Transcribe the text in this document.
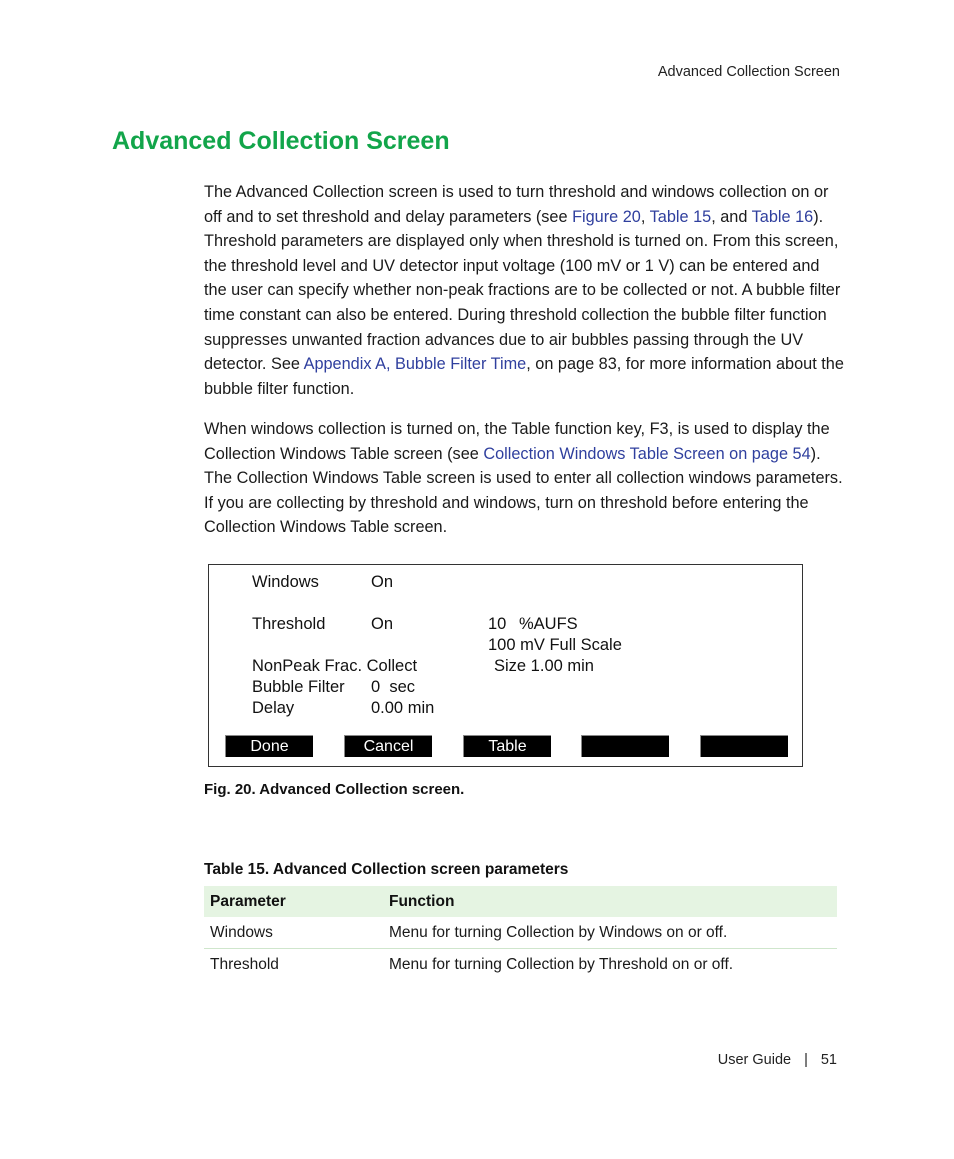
Advanced Collection Screen
Advanced Collection Screen

The Advanced Collection screen is used to turn threshold and windows collection on or off and to set threshold and delay parameters (see Figure 20, Table 15, and Table 16). Threshold parameters are displayed only when threshold is turned on. From this screen, the threshold level and UV detector input voltage (100 mV or 1 V) can be entered and the user can specify whether non-peak fractions are to be collected or not. A bubble filter time constant can also be entered. During threshold collection the bubble filter function suppresses unwanted fraction advances due to air bubbles passing through the UV detector. See Appendix A, Bubble Filter Time, on page 83, for more information about the bubble filter function.

When windows collection is turned on, the Table function key, F3, is used to display the Collection Windows Table screen (see Collection Windows Table Screen on page 54). The Collection Windows Table screen is used to enter all collection windows parameters. If you are collecting by threshold and windows, turn on threshold before entering the Collection Windows Table screen.

Windows	On
Threshold	On	10 %AUFS
100 mV Full Scale
NonPeak Frac. Collect	Size 1.00 min
Bubble Filter 0  sec
Delay	0.00 min
Done	Cancel	Table
Fig. 20. Advanced Collection screen.
Table 15. Advanced Collection screen parameters
Parameter	Function
Windows	Menu for turning Collection by Windows on or off.
Threshold	Menu for turning Collection by Threshold on or off.
User Guide | 51
